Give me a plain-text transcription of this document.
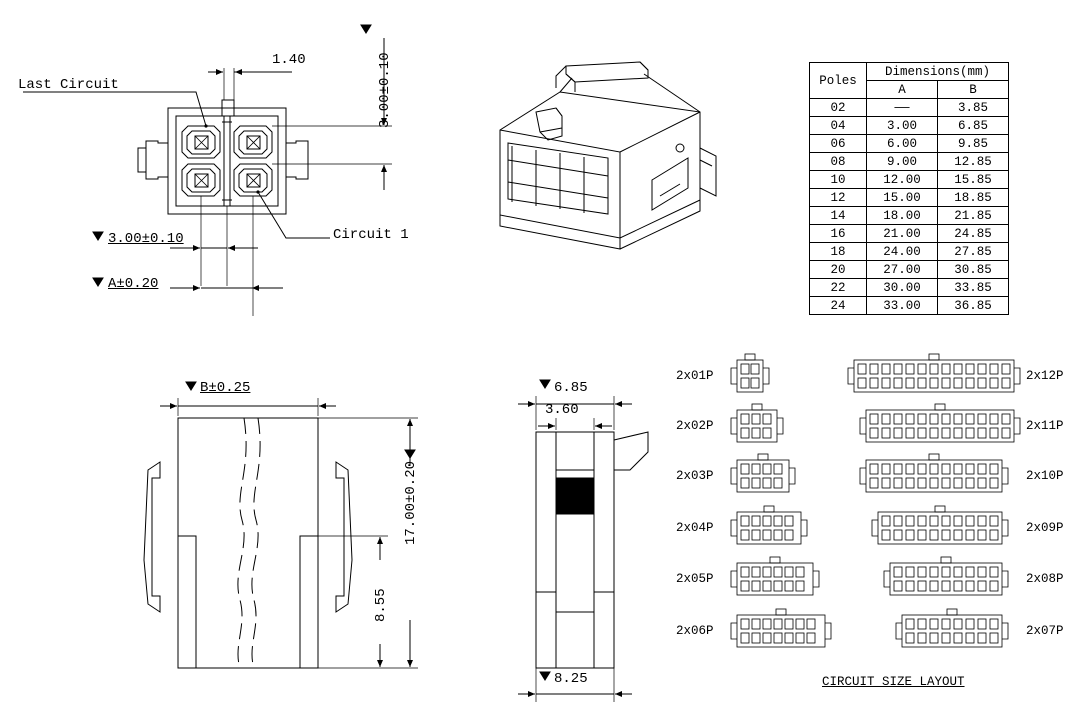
Last Circuit
Circuit 1
1.40	3.00±0.10
3.00±0.10
A±0.20
B±0.25
17.00±0.20
8.55
6.85
3.60
8.25
2x01P
2x02P
2x03P
2x04P
2x05P
2x06P
2x12P
2x11P
2x10P
2x09P
2x08P
2x07P
CIRCUIT SIZE LAYOUT
Poles	Dimensions(mm)	
	A	B
02	——	3.85
04	3.00	6.85
06	6.00	9.85
08	9.00	12.85
10	12.00	15.85
12	15.00	18.85
14	18.00	21.85
16	21.00	24.85
18	24.00	27.85
20	27.00	30.85
22	30.00	33.85
24	33.00	36.85
